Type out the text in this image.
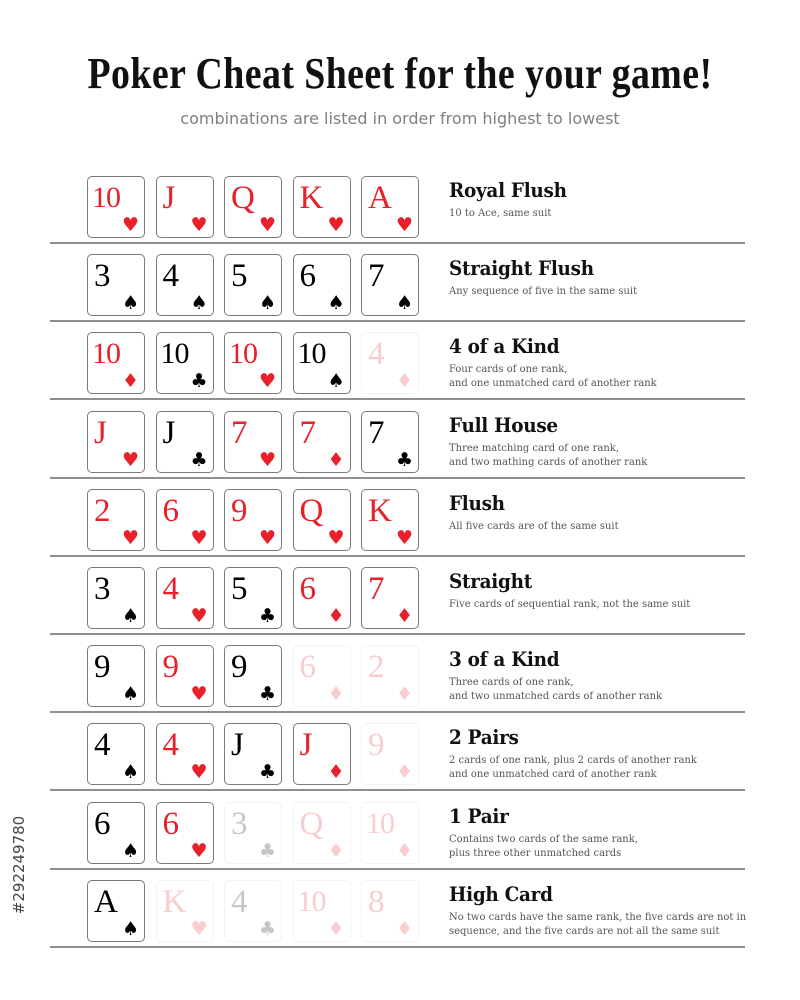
Poker Cheat Sheet for the your game!
combinations are listed in order from highest to lowest
10
♥
J
♥
Q
♥
K
♥
A
♥
Royal Flush
10 to Ace, same suit
3
♠
4
♠
5
♠
6
♠
7
♠
Straight Flush
Any sequence of five in the same suit
10
♦
10
♣
10
♥
10
♠
4
♦
4 of a Kind
Four cards of one rank,
and one unmatched card of another rank
J
♥
J
♣
7
♥
7
♦
7
♣
Full House
Three matching card of one rank,
and two mathing cards of another rank
2
♥
6
♥
9
♥
Q
♥
K
♥
Flush
All five cards are of the same suit
3
♠
4
♥
5
♣
6
♦
7
♦
Straight
Five cards of sequential rank, not the same suit
9
♠
9
♥
9
♣
6
♦
2
♦
3 of a Kind
Three cards of one rank,
and two unmatched cards of another rank
4
♠
4
♥
J
♣
J
♦
9
♦
2 Pairs
2 cards of one rank, plus 2 cards of another rank
and one unmatched card of another rank
6
♠
6
♥
3
♣
Q
♦
10
♦
1 Pair
Contains two cards of the same rank,
plus three other unmatched cards
A
♠
K
♥
4
♣
10
♦
8
♦
High Card
No two cards have the same rank, the five cards are not in
sequence, and the five cards are not all the same suit
#292249780
